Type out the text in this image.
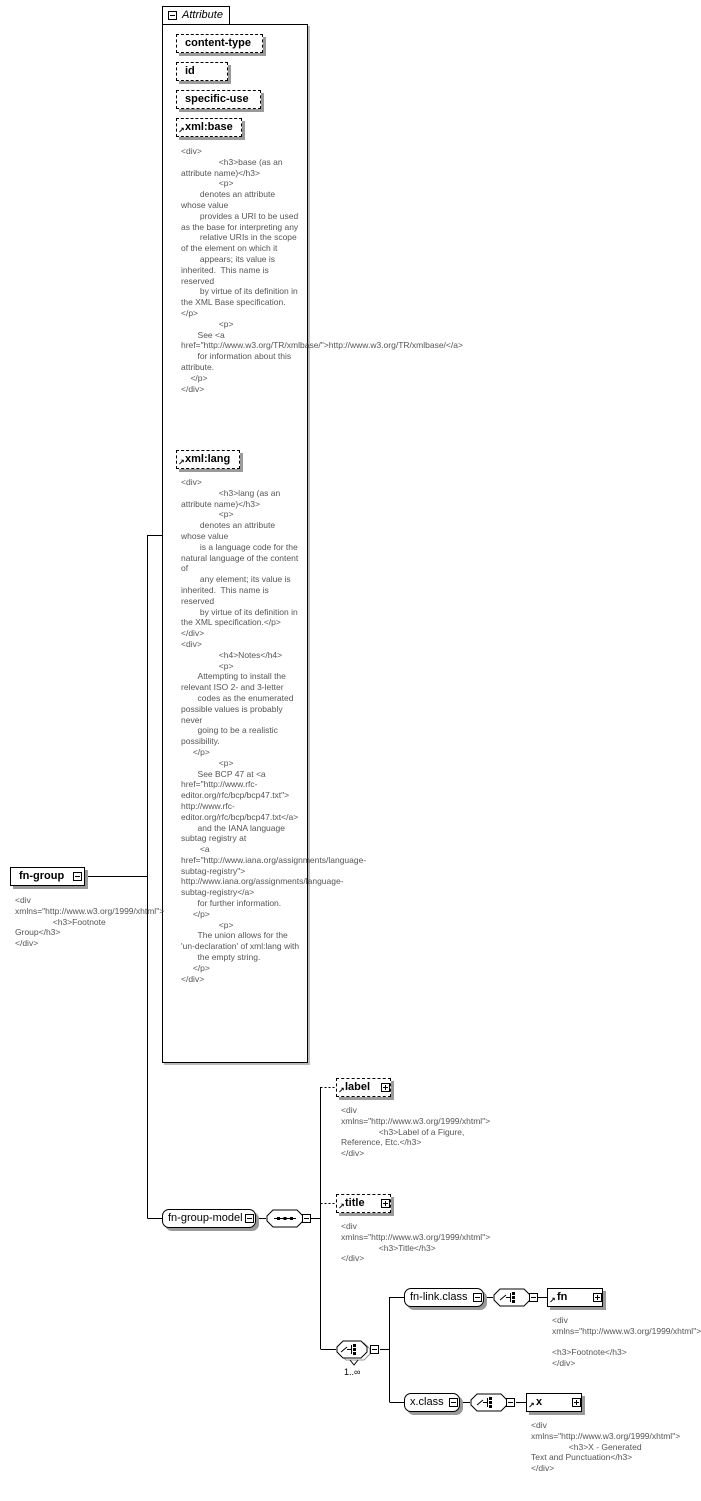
Attribute
content-type
id
specific-use
↗ xml:base
<div>
<h3>base (as an attribute name)</h3>
<p>
denotes an attribute whose value
provides a URI to be used as the base for interpreting any
relative URIs in the scope of the element on which it
appears; its value is inherited.  This name is reserved
by virtue of its definition in the XML Base specification.</p>
<p>
See <a href="http://www.w3.org/TR/xmlbase/">http://www.w3.org/TR/xmlbase/</a>
for information about this attribute.
</p>
</div>
↗ xml:lang
<div>
<h3>lang (as an attribute name)</h3>
<p>
denotes an attribute whose value
is a language code for the natural language of the content of
any element; its value is inherited.  This name is reserved
by virtue of its definition in the XML specification.</p>
</div>
<div>
<h4>Notes</h4>
<p>
Attempting to install the relevant ISO 2- and 3-letter
codes as the enumerated possible values is probably never
going to be a realistic possibility.
</p>
<p>
See BCP 47 at <a href="http://www.rfc-editor.org/rfc/bcp/bcp47.txt">
http://www.rfc-editor.org/rfc/bcp/bcp47.txt</a>
and the IANA language subtag registry at
<a href="http://www.iana.org/assignments/language-subtag-registry">
http://www.iana.org/assignments/language-subtag-registry</a>
for further information.
</p>
<p>
The union allows for the 'un-declaration' of xml:lang with
the empty string.
</p>
</div>
fn-group
<div xmlns="http://www.w3.org/1999/xhtml">
<h3>Footnote Group</h3>
</div>
fn-group-model
↗ label
<div xmlns="http://www.w3.org/1999/xhtml">
<h3>Label of a Figure, Reference, Etc.</h3>
</div>
↗ title
<div xmlns="http://www.w3.org/1999/xhtml">
<h3>Title</h3>
</div>
1..∞
fn-link.class	↗ fn
<div xmlns="http://www.w3.org/1999/xhtml">

<h3>Footnote</h3>
</div>
x.class	↗ x
<div xmlns="http://www.w3.org/1999/xhtml">
<h3>X - Generated Text and Punctuation</h3>
</div>
